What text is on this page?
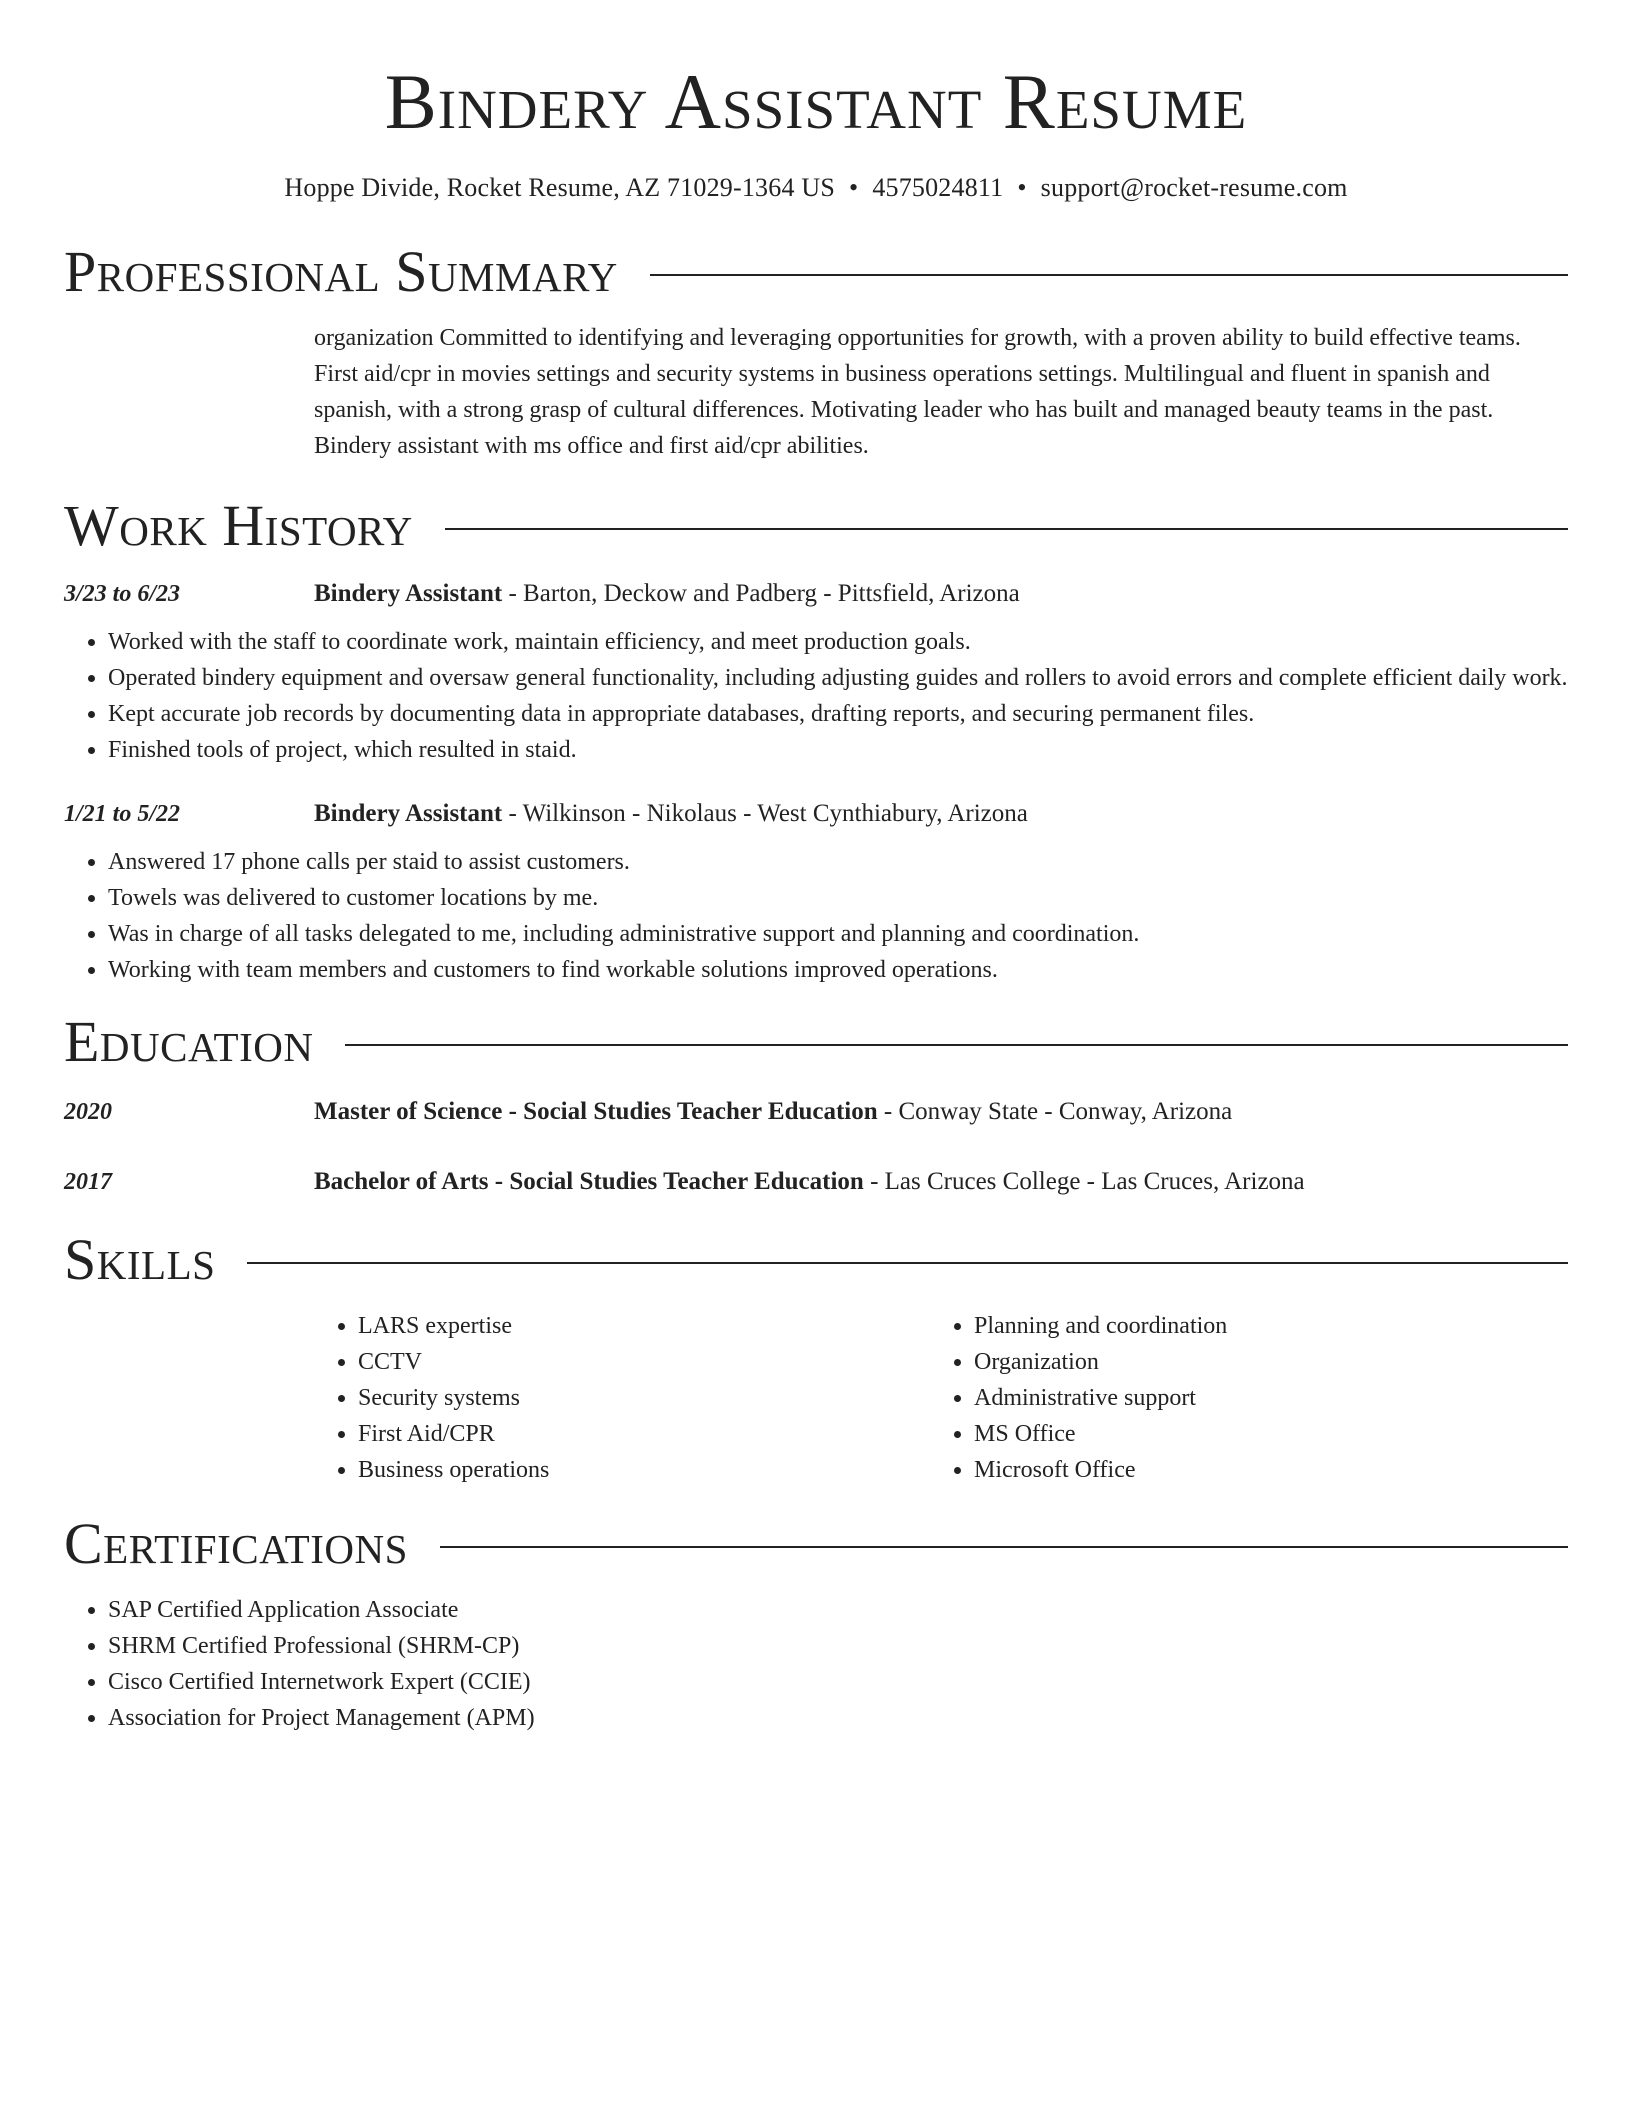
Bindery Assistant Resume
Hoppe Divide, Rocket Resume, AZ 71029-1364 US • 4575024811 • support@rocket-resume.com
Professional Summary
organization Committed to identifying and leveraging opportunities for growth, with a proven ability to build effective teams. First aid/cpr in movies settings and security systems in business operations settings. Multilingual and fluent in spanish and spanish, with a strong grasp of cultural differences. Motivating leader who has built and managed beauty teams in the past. Bindery assistant with ms office and first aid/cpr abilities.
Work History
3/23 to 6/23	Bindery Assistant - Barton, Deckow and Padberg - Pittsfield, Arizona
• Worked with the staff to coordinate work, maintain efficiency, and meet production goals.
• Operated bindery equipment and oversaw general functionality, including adjusting guides and rollers to avoid errors and complete efficient daily work.
• Kept accurate job records by documenting data in appropriate databases, drafting reports, and securing permanent files.
• Finished tools of project, which resulted in staid.
1/21 to 5/22	Bindery Assistant - Wilkinson - Nikolaus - West Cynthiabury, Arizona
• Answered 17 phone calls per staid to assist customers.
• Towels was delivered to customer locations by me.
• Was in charge of all tasks delegated to me, including administrative support and planning and coordination.
• Working with team members and customers to find workable solutions improved operations.
Education
2020	Master of Science - Social Studies Teacher Education - Conway State - Conway, Arizona
2017	Bachelor of Arts - Social Studies Teacher Education - Las Cruces College - Las Cruces, Arizona
Skills
• LARS expertise
• CCTV
• Security systems
• First Aid/CPR
• Business operations
• Planning and coordination
• Organization
• Administrative support
• MS Office
• Microsoft Office
Certifications
• SAP Certified Application Associate
• SHRM Certified Professional (SHRM-CP)
• Cisco Certified Internetwork Expert (CCIE)
• Association for Project Management (APM)
